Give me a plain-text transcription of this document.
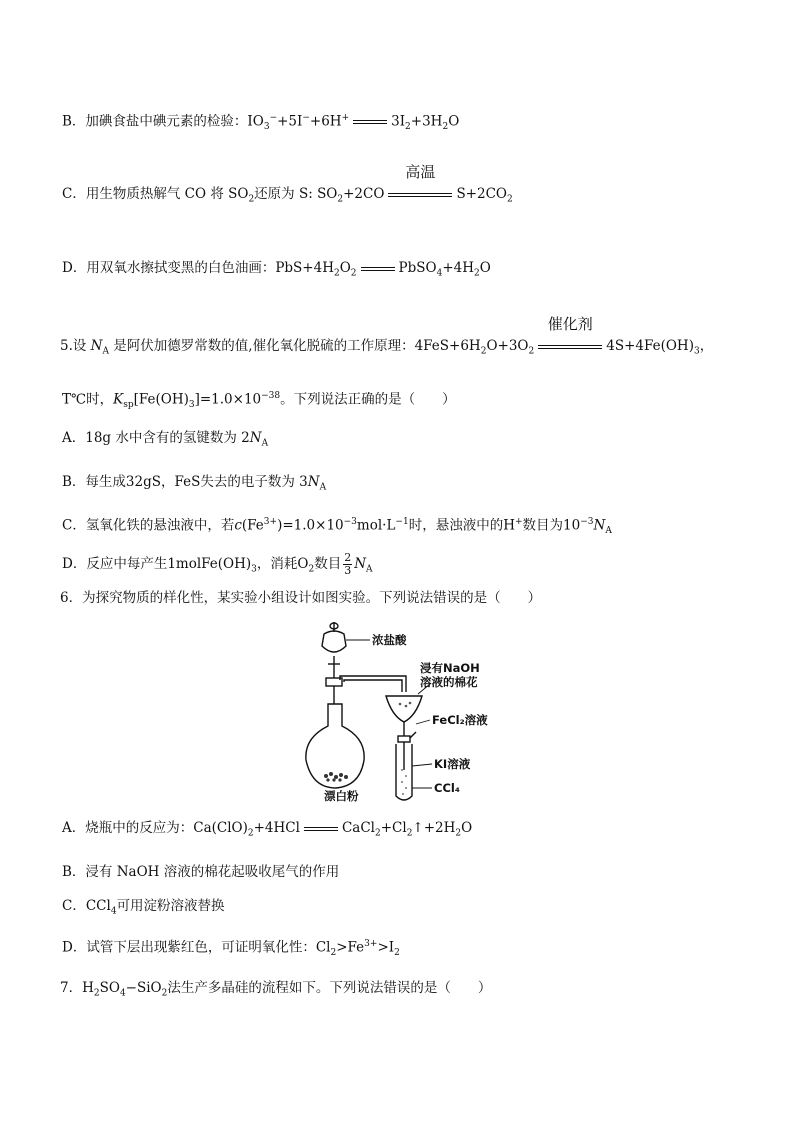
B．加碘食盐中碘元素的检验：$IO_3^-+5I^-+6H^+$	$3I_2+3H_2O$
C．用生物质热解气 CO 将 $SO_2$还原为 S: $SO_2+2CO$
高温
$S+2CO_2$
D．用双氧水擦拭变黑的白色油画：$PbS+4H_2O_2$	$PbSO_4+4H_2O$
5.设 $N_A$ 是阿伏加德罗常数的值,催化氧化脱硫的工作原理：$4FeS+6H_2O+3O_2$
催化剂
$4S+4Fe(OH)_3$，
T℃时，$K_{sp}[Fe(OH)_3]=1.0\times 10^{-38}$。下列说法正确的是（　　）
A．18g 水中含有的氢键数为 $2N_A$
B．每生成32gS，FeS失去的电子数为 $3N_A$
C．氢氧化铁的悬浊液中，若$c(Fe^{3+})=1.0\times 10^{-3}mol\cdot L^{-1}$时，悬浊液中的H+数目为$10^{-3}N_A$
D．反应中每产生$1molFe(OH)_3$，消耗$O_2$数目 $\frac{2}{3} N_A$
6．为探究物质的样化性，某实验小组设计如图实验。下列说法错误的是（　　）
浓盐酸
浸有NaOH
溶液的棉花
FeCl₂溶液
KI溶液
CCl₄
漂白粉
A．烧瓶中的反应为：$Ca(ClO)_2+4HCl$	$CaCl_2+Cl_2↑+2H_2O$
B．浸有 NaOH 溶液的棉花起吸收尾气的作用
C．CCl$_4$可用淀粉溶液替换
D．试管下层出现紫红色，可证明氧化性：$Cl_2>Fe^{3+}>I_2$
7．$H_2SO_4-SiO_2$法生产多晶硅的流程如下。下列说法错误的是（　　）
